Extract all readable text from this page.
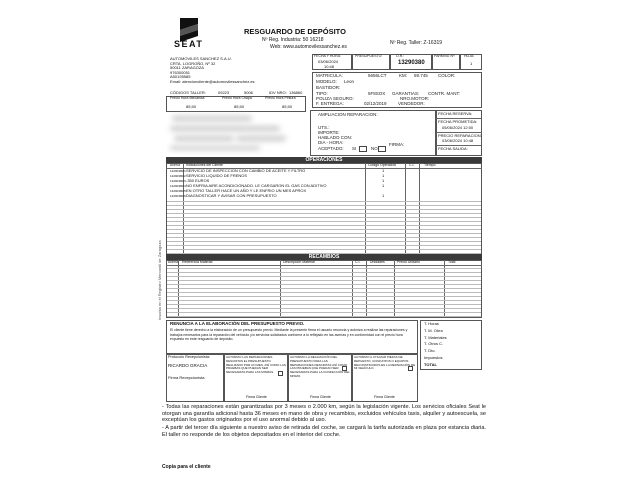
SEAT
RESGUARDO DE DEPÓSITO
Nº Reg. Industria: 50 16218
Web: www.automovilessanchez.es
Nº Reg. Taller: Z-16319
AUTOMOVILES SANCHEZ S.A.U.
CRTA. LOGROÑO, Nº 32
50011 ZARAGOZA
976300051
A50195585
Email: atencioncliente@automovilessanchez.es
CÓDIGOS TALLER:	09223	5006	IDV NRO: 136860
Precio Hora Mecánica	Precio Hora Chapa	Precio Hora Pintura
85,50	85,50	85,50
FECHA Y HORA:
03/06/2024
10:48
PRESUPUESTO:	O.R.:
13290380
PARKING Nº:	HOJA:
1
MATRICULA:	5656LCT	KM: 59.745 COLOR:
MODELO: Leon
BASTIDOR:
TIPO:	5F8SOX GARANTIAS: CONTR. MANT:
POLIZA SEGURO:	NRO.MOTOR:
F. ENTREGA:	02/12/2019	VENDEDOR:
AMPLIACION REPARACION:
UTS.:
IMPORTE:
HABLADO CON:
DIA - HORA:
ACEPTADO: SI	NO
FIRMA:
FECHA RESERVA:
FECHA PROMETIDA:
05/06/2024 12:00
PRECIO REPARACION:
03/06/2024 10:48
FECHA SALIDA:
OPERACIONES
Avería Indicaciones del Cliente	Código Operación	C.I.	Tiempo
13290380/1SERVICIO DE INSPECCION CON CAMBIO DE ACEITE Y FILTRO	1
13290380/2SERVICIO LIQUIDO DE FRENOS	1
13290380/3-350 EUROS	1
13290380/4NO ENFRIA AIRE ACONDICIONADO. LE CARGARON EL GAS CON ADITIVO	1
13290380/5EN OTRO TALLER HACE UN AÑO Y LE ENFRIO UN MES APROX
13290380/6DIAGNOSTICAR Y AVISAR CON PRESUPUESTO	1
RECAMBIOS
Avería Referencia Material	Descripción Material	C.I.	Unidades	Precio Unitario	Total
RENUNCIA A LA ELABORACIÓN DEL PRESUPUESTO PREVIO.
El cliente tiene derecho a la elaboración de un presupuesto previo. Mediante la presente firma el usuario renuncia y autoriza a realizar las reparaciones y trabajos necesarios para la reparación del vehículo y/o servicios solicitados conforme a lo reflejado en las averías y en conformidad con el precio hora expuesto en este resguardo de depósito.
T. Horas
T. M. Obra
T. Materiales
T. Otros C.
T. Dto.
Impuestos
TOTAL
Protocolo Recepcionista:
RICARDO GRACIA
Firma Recepcionista
AUTORIZO LAS REPARACIONES DESCRITAS EL PRESUPUESTO REALIZADO POR UN MES, ASÍ COMO LAS PRUEBAS QUE PUEDAN SER NECESARIAS PARA LAS MISMAS.
Firma Cliente
AUTORIZO LA REALIZACIÓN DEL PRESUPUESTO PARA LAS REPARACIONES DESCRITAS ASÍ COMO LAS PRUEBAS QUE PUEDAN SER NECESARIAS PARA LA CONFECCIÓN DEL MISMO.
Firma Cliente
AUTORIZO A UTILIZAR PIEZAS DE REPUESTO, CONJUNTOS O EQUIPOS RECONSTRUIDOS EN LA REPARACIÓN DE MI VEHÍCULO.
Firma Cliente
- Todas las reparaciones están garantizadas por 3 meses o 2.000 km, según la legislación vigente. Los servicios oficiales Seat le otorgan una garantía adicional hasta 36 meses en mano de obra y recambios, excluidos vehículos taxis, alquiler y autoescuela, se exceptúan los gastos originados por el uso anormal debido al uso.
- A partir del tercer día siguiente a nuestro aviso de retirada del coche, se cargará la tarifa autorizada en plaza por estancia diaria. El taller no responde de los objetos depositados en el interior del coche.
Copia para el cliente
Inscrita en el Registro Mercantil de Zaragoza
